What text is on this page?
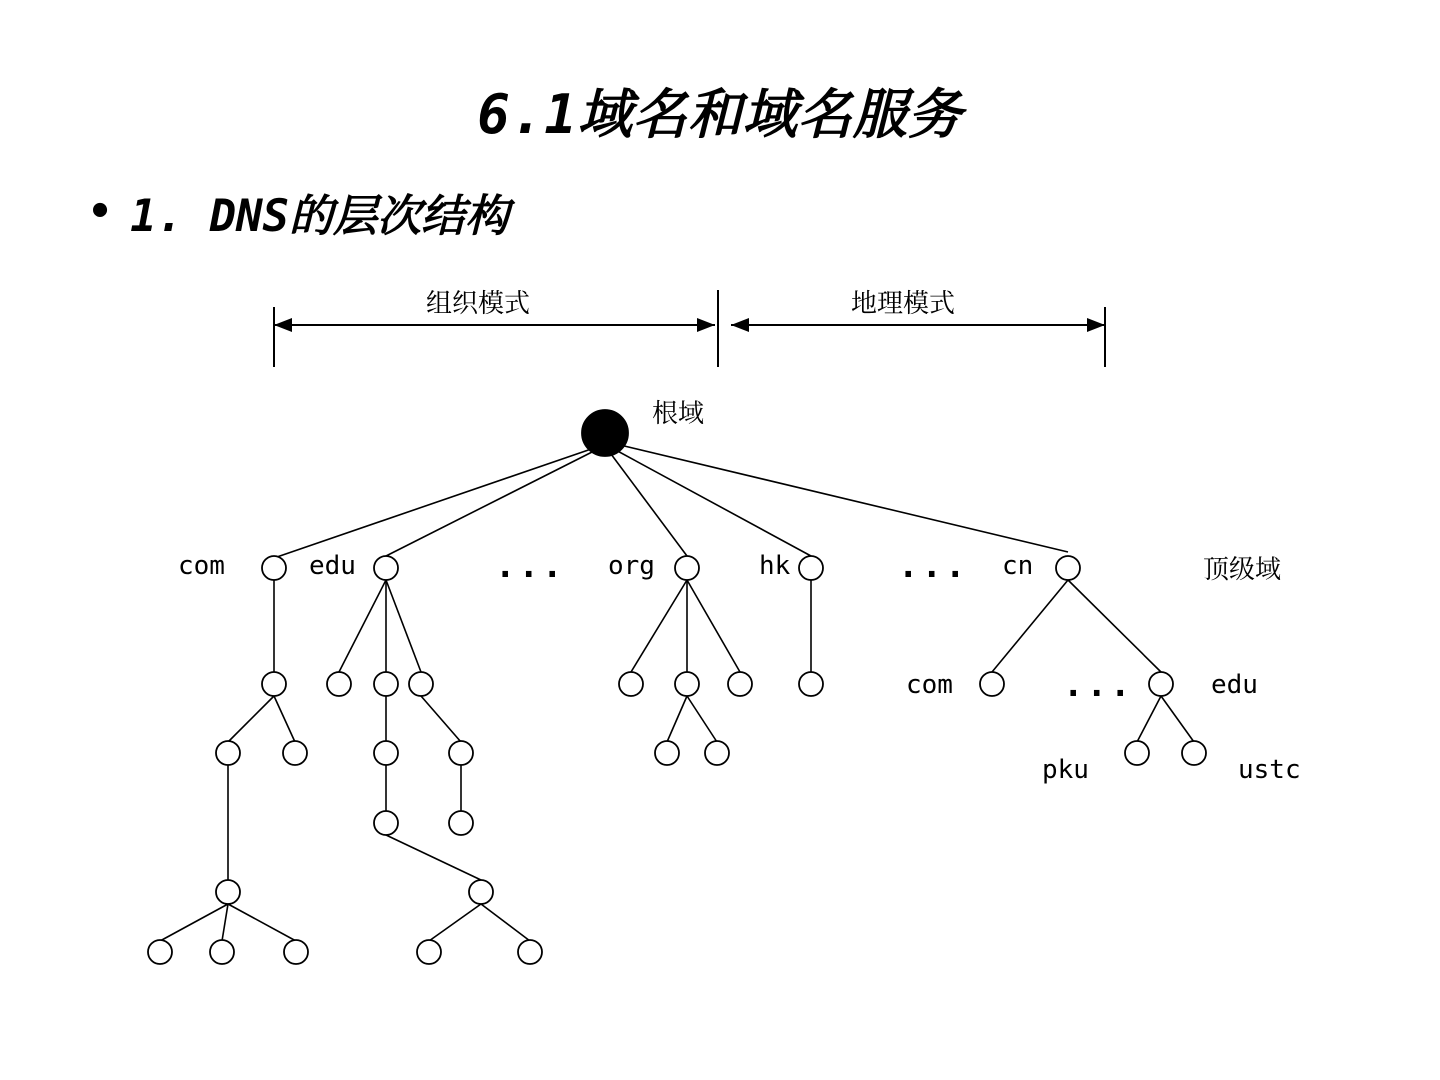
6.1域名和域名服务
• 1. DNS的层次结构
组织模式	地理模式
根域
顶级域
com	edu	... org	hk	... cn
com	...	edu
pku	ustc
